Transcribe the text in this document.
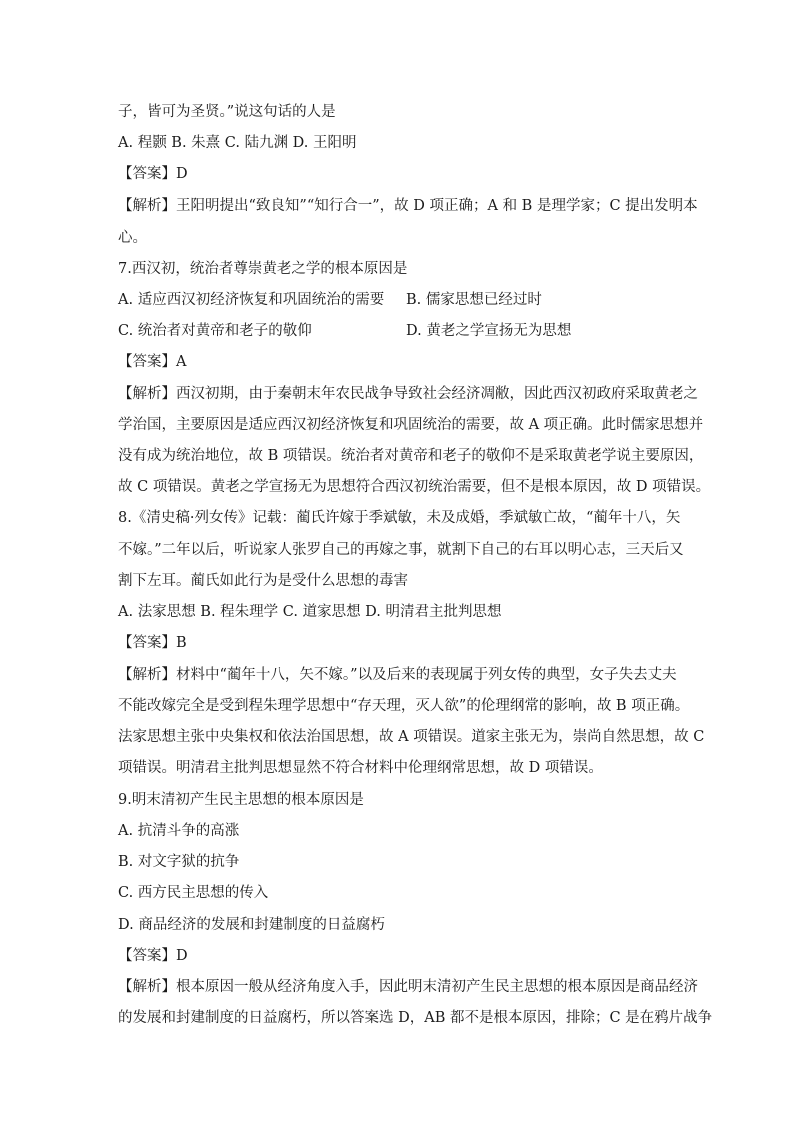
子，皆可为圣贤。”说这句话的人是
A. 程颢 B. 朱熹 C. 陆九渊 D. 王阳明
【答案】D
【解析】王阳明提出“致良知”“知行合一”，故 D 项正确；A 和 B 是理学家；C 提出发明本
心。
7.西汉初，统治者尊崇黄老之学的根本原因是
A. 适应西汉初经济恢复和巩固统治的需要	B. 儒家思想已经过时
C. 统治者对黄帝和老子的敬仰	D. 黄老之学宣扬无为思想
【答案】A
【解析】西汉初期，由于秦朝末年农民战争导致社会经济凋敝，因此西汉初政府采取黄老之
学治国，主要原因是适应西汉初经济恢复和巩固统治的需要，故 A 项正确。此时儒家思想并
没有成为统治地位，故 B 项错误。统治者对黄帝和老子的敬仰不是采取黄老学说主要原因，
故 C 项错误。黄老之学宣扬无为思想符合西汉初统治需要，但不是根本原因，故 D 项错误。
8.《清史稿·列女传》记载：蔺氏许嫁于季斌敏，未及成婚，季斌敏亡故，“蔺年十八，矢
不嫁。”二年以后，听说家人张罗自己的再嫁之事，就割下自己的右耳以明心志，三天后又
割下左耳。蔺氏如此行为是受什么思想的毒害
A. 法家思想 B. 程朱理学 C. 道家思想 D. 明清君主批判思想
【答案】B
【解析】材料中“蔺年十八，矢不嫁。”以及后来的表现属于列女传的典型，女子失去丈夫
不能改嫁完全是受到程朱理学思想中“存天理，灭人欲”的伦理纲常的影响，故 B 项正确。
法家思想主张中央集权和依法治国思想，故 A 项错误。道家主张无为，崇尚自然思想，故 C
项错误。明清君主批判思想显然不符合材料中伦理纲常思想，故 D 项错误。
9.明末清初产生民主思想的根本原因是
A. 抗清斗争的高涨
B. 对文字狱的抗争
C. 西方民主思想的传入
D. 商品经济的发展和封建制度的日益腐朽
【答案】D
【解析】根本原因一般从经济角度入手，因此明末清初产生民主思想的根本原因是商品经济
的发展和封建制度的日益腐朽，所以答案选 D，AB 都不是根本原因，排除；C 是在鸦片战争
